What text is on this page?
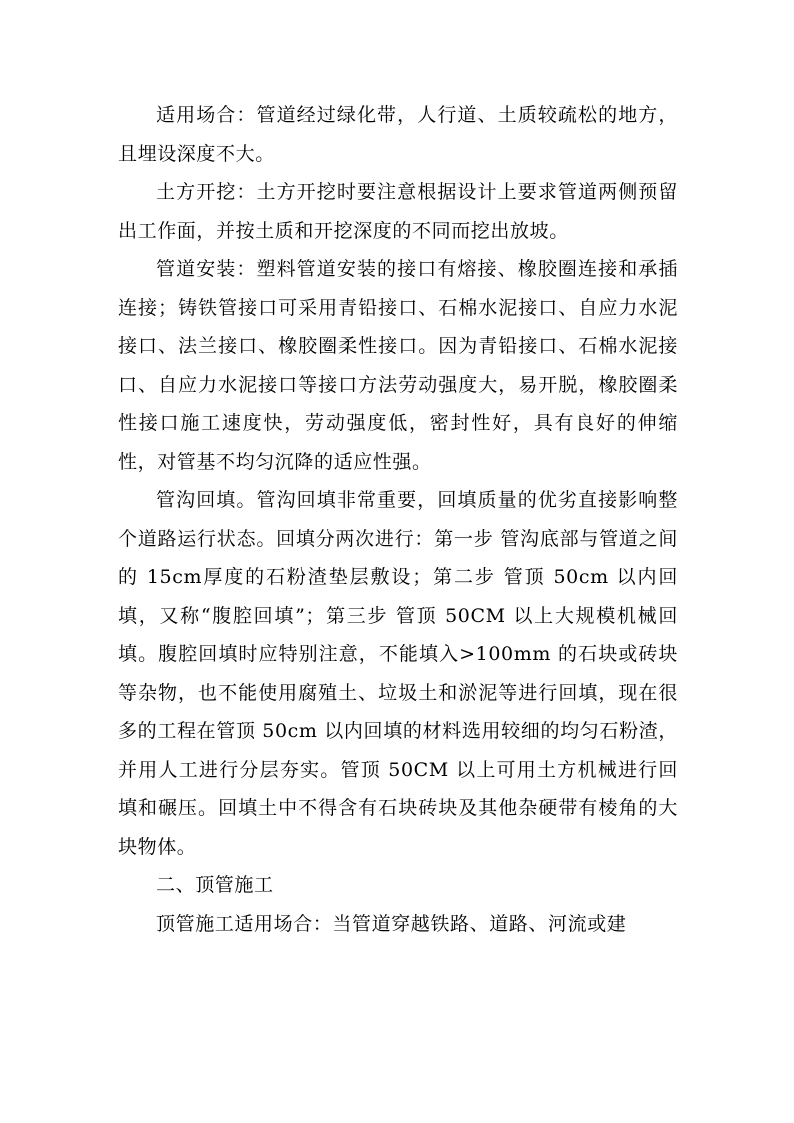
适用场合：管道经过绿化带，人行道、土质较疏松的地方，且埋设深度不大。

土方开挖：土方开挖时要注意根据设计上要求管道两侧预留出工作面，并按土质和开挖深度的不同而挖出放坡。

管道安装：塑料管道安装的接口有熔接、橡胶圈连接和承插连接；铸铁管接口可采用青铅接口、石棉水泥接口、自应力水泥接口、法兰接口、橡胶圈柔性接口。因为青铅接口、石棉水泥接口、自应力水泥接口等接口方法劳动强度大，易开脱，橡胶圈柔性接口施工速度快，劳动强度低，密封性好，具有良好的伸缩性，对管基不均匀沉降的适应性强。

管沟回填。管沟回填非常重要，回填质量的优劣直接影响整个道路运行状态。回填分两次进行：第一步 管沟底部与管道之间的 15cm厚度的石粉渣垫层敷设；第二步 管顶 50cm 以内回填，又称“腹腔回填”；第三步 管顶 50CM 以上大规模机械回填。腹腔回填时应特别注意，不能填入>100mm 的石块或砖块等杂物，也不能使用腐殖土、垃圾土和淤泥等进行回填，现在很多的工程在管顶 50cm 以内回填的材料选用较细的均匀石粉渣，并用人工进行分层夯实。管顶 50CM 以上可用土方机械进行回填和碾压。回填土中不得含有石块砖块及其他杂硬带有棱角的大块物体。

二、顶管施工

顶管施工适用场合：当管道穿越铁路、道路、河流或建
